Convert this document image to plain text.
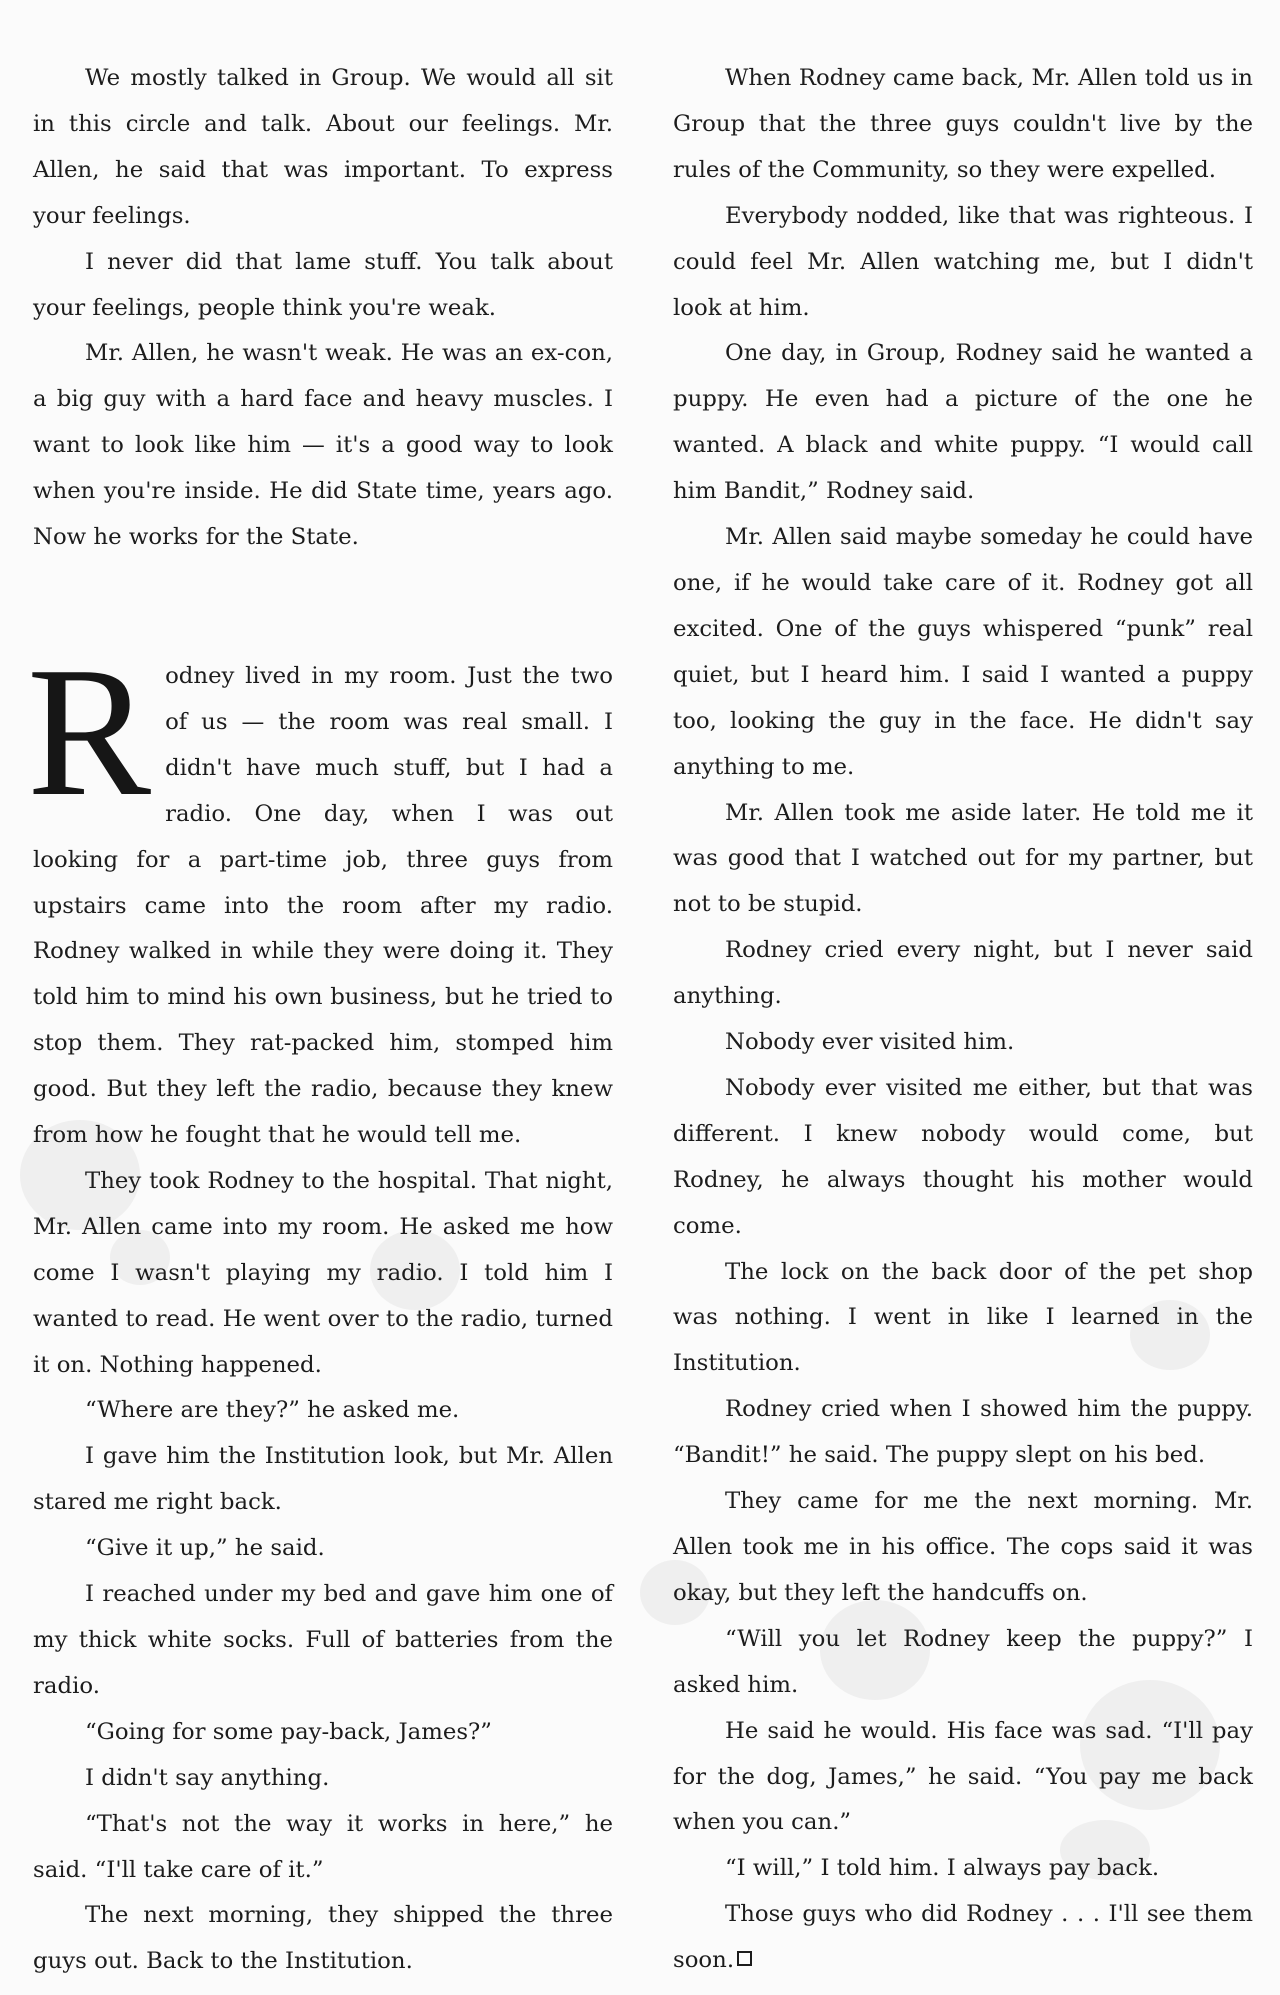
We mostly talked in Group. We would all sit in this circle and talk. About our feelings. Mr. Allen, he said that was important. To express your feelings.

I never did that lame stuff. You talk about your feelings, people think you're weak.

Mr. Allen, he wasn't weak. He was an ex-con, a big guy with a hard face and heavy muscles. I want to look like him — it's a good way to look when you're inside. He did State time, years ago. Now he works for the State.

Rodney lived in my room. Just the two of us — the room was real small. I didn't have much stuff, but I had a radio. One day, when I was out looking for a part-time job, three guys from upstairs came into the room after my radio. Rodney walked in while they were doing it. They told him to mind his own business, but he tried to stop them. They rat-packed him, stomped him good. But they left the radio, because they knew from how he fought that he would tell me.

They took Rodney to the hospital. That night, Mr. Allen came into my room. He asked me how come I wasn't playing my radio. I told him I wanted to read. He went over to the radio, turned it on. Nothing happened.

“Where are they?” he asked me.

I gave him the Institution look, but Mr. Allen stared me right back.

“Give it up,” he said.

I reached under my bed and gave him one of my thick white socks. Full of batteries from the radio.

“Going for some pay-back, James?”

I didn't say anything.

“That's not the way it works in here,” he said. “I'll take care of it.”

The next morning, they shipped the three guys out. Back to the Institution.

When Rodney came back, Mr. Allen told us in Group that the three guys couldn't live by the rules of the Community, so they were expelled.

Everybody nodded, like that was righteous. I could feel Mr. Allen watching me, but I didn't look at him.

One day, in Group, Rodney said he wanted a puppy. He even had a picture of the one he wanted. A black and white puppy. “I would call him Bandit,” Rodney said.

Mr. Allen said maybe someday he could have one, if he would take care of it. Rodney got all excited. One of the guys whispered “punk” real quiet, but I heard him. I said I wanted a puppy too, looking the guy in the face. He didn't say anything to me.

Mr. Allen took me aside later. He told me it was good that I watched out for my partner, but not to be stupid.

Rodney cried every night, but I never said anything.

Nobody ever visited him.

Nobody ever visited me either, but that was different. I knew nobody would come, but Rodney, he always thought his mother would come.

The lock on the back door of the pet shop was nothing. I went in like I learned in the Institution.

Rodney cried when I showed him the puppy. “Bandit!” he said. The puppy slept on his bed.

They came for me the next morning. Mr. Allen took me in his office. The cops said it was okay, but they left the handcuffs on.

“Will you let Rodney keep the puppy?” I asked him.

He said he would. His face was sad. “I'll pay for the dog, James,” he said. “You pay me back when you can.”

“I will,” I told him. I always pay back.

Those guys who did Rodney . . . I'll see them soon.
